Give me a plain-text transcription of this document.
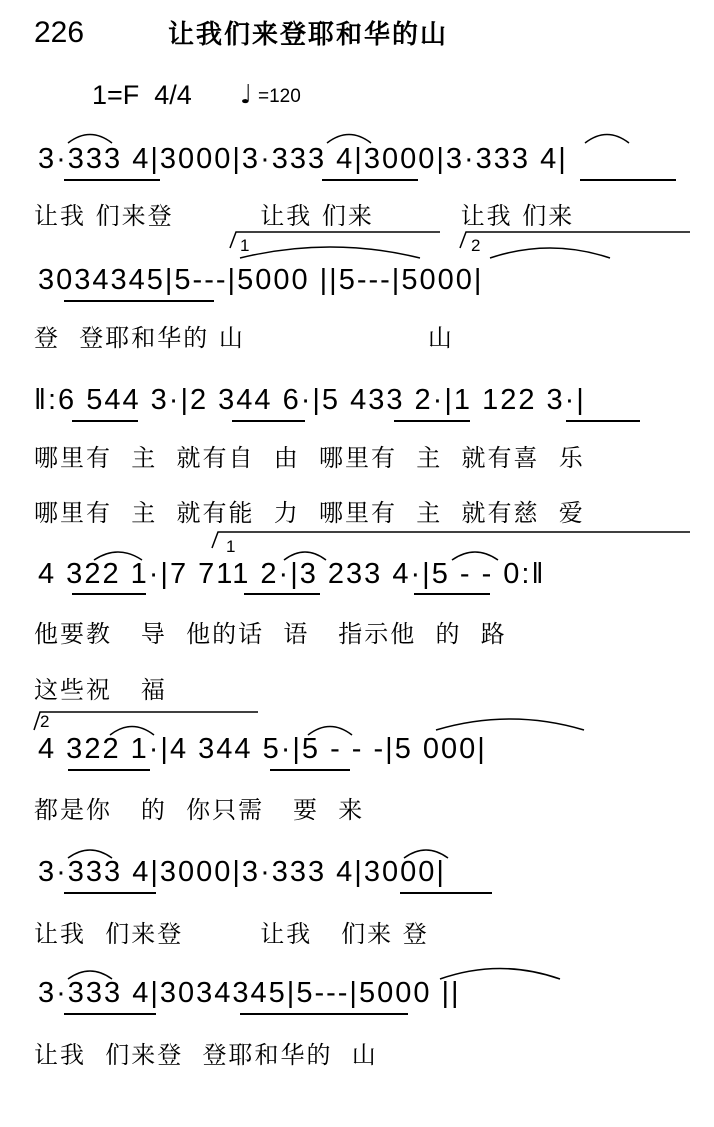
226	让我们来登耶和华的山
1=F  4/4 ♩ =120
3·333 4|3000|3·333 4|3000|3·333 4|
让我 们来登         让我 们来         让我 们来
3034345|5---|5000 ||5---|5000|
登  登耶和华的 山                   山
‖:6 544 3·|2 344 6·|5 433 2·|1 122 3·|
哪里有  主  就有自  由  哪里有  主  就有喜  乐
哪里有  主  就有能  力  哪里有  主  就有慈  爱
4 322 1·|7 711 2·|3 233 4·|5 - - 0:‖
他要教   导  他的话  语   指示他  的  路
这些祝   福
4 322 1·|4 344 5·|5 - - -|5 000|
都是你   的  你只需   要  来
3·333 4|3000|3·333 4|3000|
让我  们来登        让我   们来 登
3·333 4|3034345|5---|5000 ||
让我  们来登  登耶和华的  山
1	2
1
2
